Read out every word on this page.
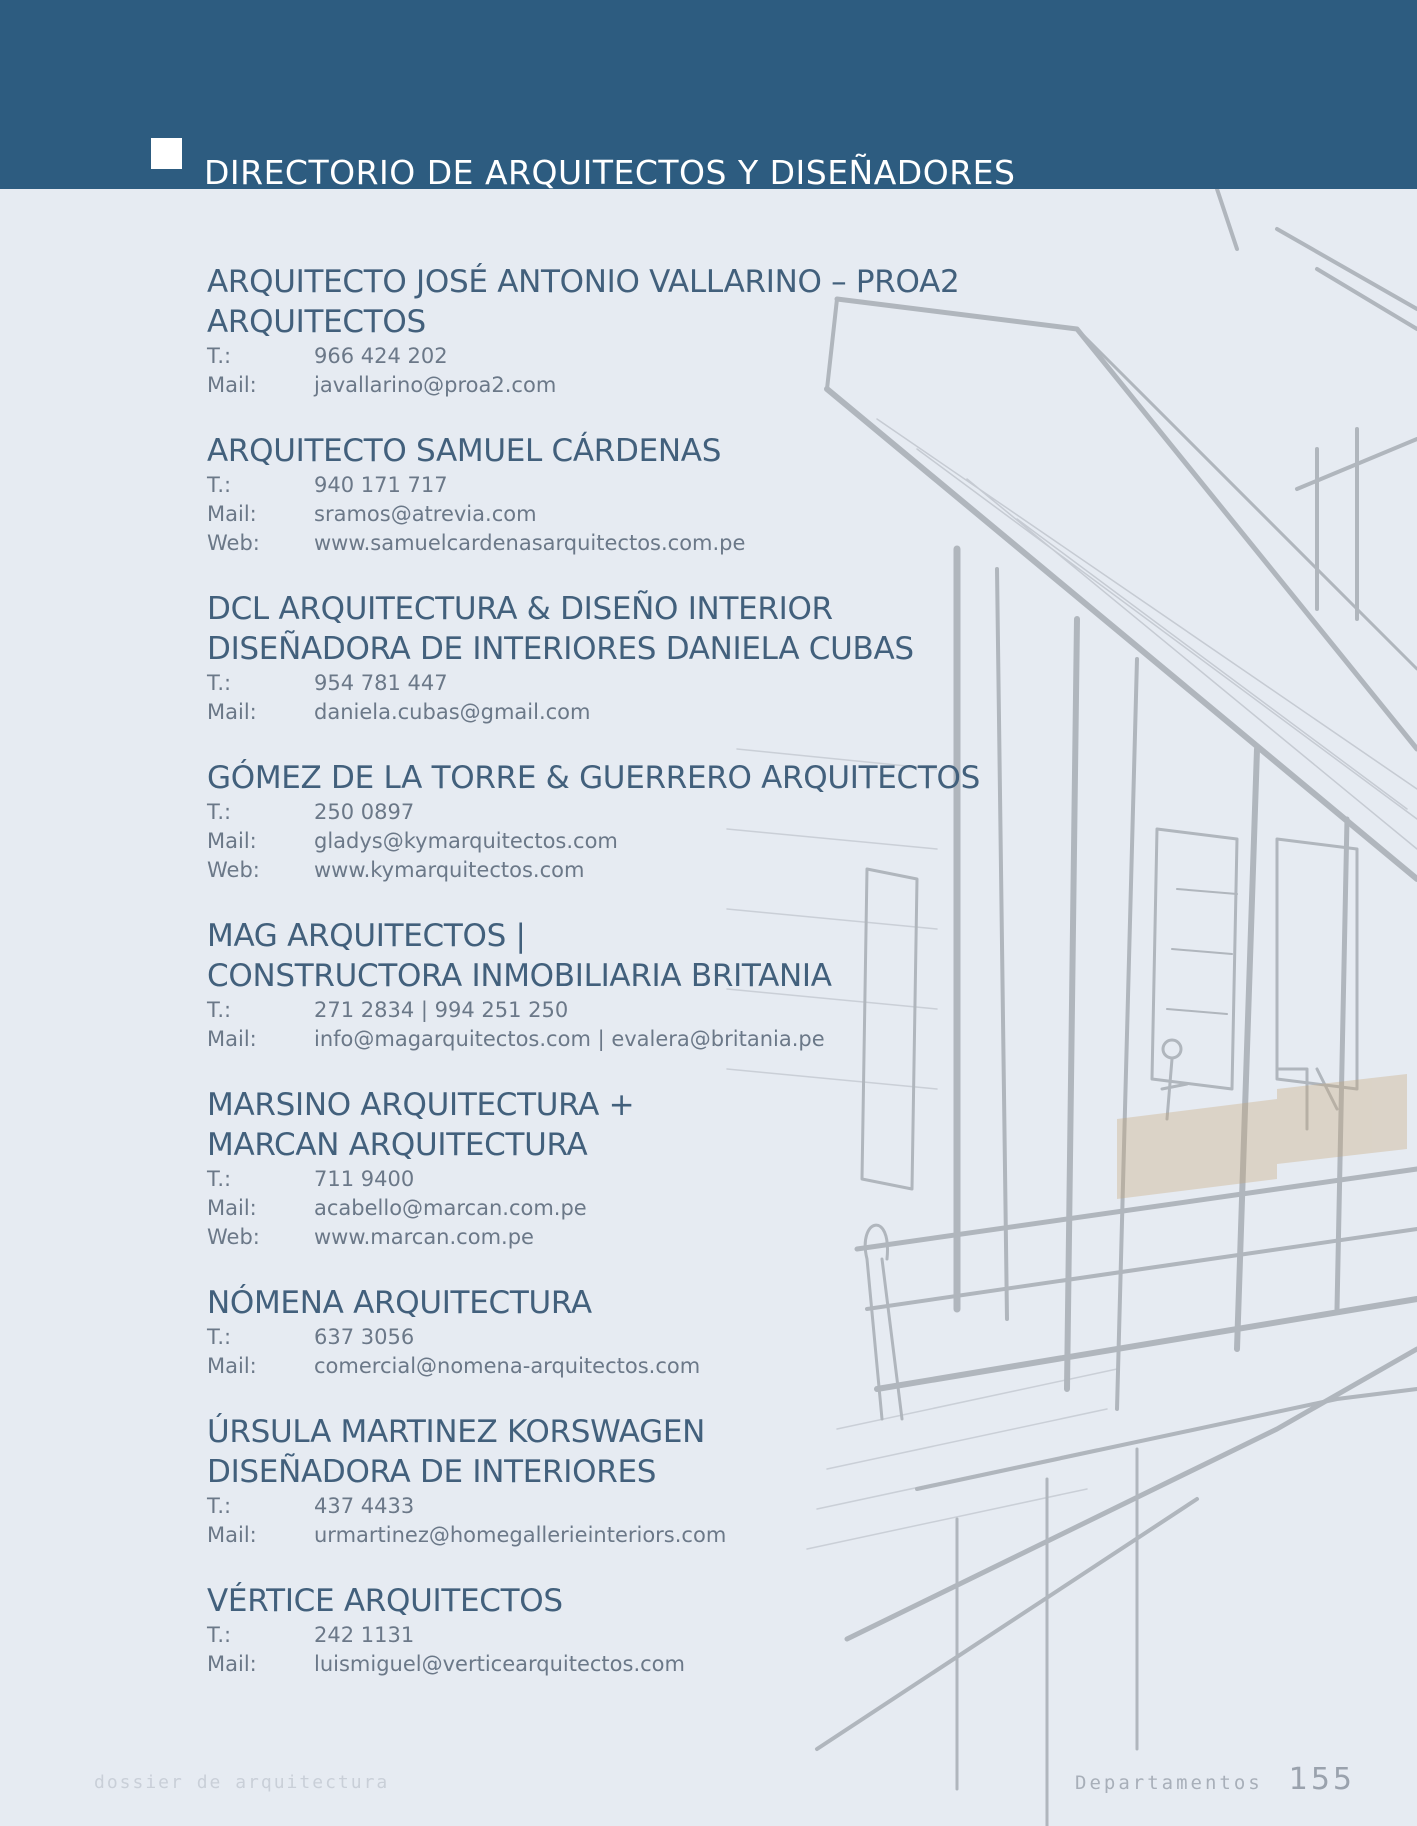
DIRECTORIO DE ARQUITECTOS Y DISEÑADORES
ARQUITECTO JOSÉ ANTONIO VALLARINO – PROA2 ARQUITECTOS
T.:	966 424 202
Mail:	javallarino@proa2.com
ARQUITECTO SAMUEL CÁRDENAS
T.:	940 171 717
Mail:	sramos@atrevia.com
Web:	www.samuelcardenasarquitectos.com.pe
DCL ARQUITECTURA & DISEÑO INTERIOR
DISEÑADORA DE INTERIORES DANIELA CUBAS
T.:	954 781 447
Mail:	daniela.cubas@gmail.com
GÓMEZ DE LA TORRE & GUERRERO ARQUITECTOS
T.:	250 0897
Mail:	gladys@kymarquitectos.com
Web:	www.kymarquitectos.com
MAG ARQUITECTOS |
CONSTRUCTORA INMOBILIARIA BRITANIA
T.:	271 2834 | 994 251 250
Mail:	info@magarquitectos.com | evalera@britania.pe
MARSINO ARQUITECTURA +
MARCAN ARQUITECTURA
T.:	711 9400
Mail:	acabello@marcan.com.pe
Web:	www.marcan.com.pe
NÓMENA ARQUITECTURA
T.:	637 3056
Mail:	comercial@nomena-arquitectos.com
ÚRSULA MARTINEZ KORSWAGEN
DISEÑADORA DE INTERIORES
T.:	437 4433
Mail:	urmartinez@homegallerieinteriors.com
VÉRTICE ARQUITECTOS
T.:	242 1131
Mail:	luismiguel@verticearquitectos.com
dossier de arquitectura	Departamentos 155
